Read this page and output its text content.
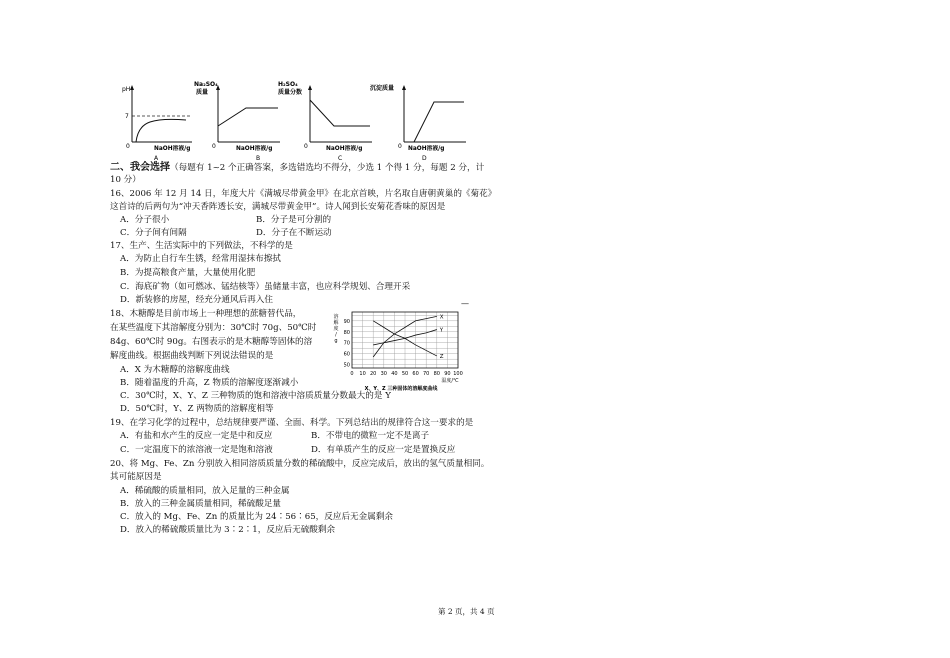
pH
7
0	NaOH溶液/g
A
Na₂SO₄
质量
0	NaOH溶液/g
B
H₂SO₄
质量分数
0	NaOH溶液/g
C
沉淀质量
0 NaOH溶液/g
D
二、我会选择（每题有 1~2 个正确答案，多选错选均不得分，少选 1 个得 1 分，每题 2 分，计
10 分）
16、2006 年 12 月 14 日，年度大片《满城尽带黄金甲》在北京首映，片名取自唐朝黄巢的《菊花》
这首诗的后两句为“冲天香阵透长安，满城尽带黄金甲”。诗人闻到长安菊花香味的原因是
A．分子很小	B．分子是可分割的
C．分子间有间隔	D．分子在不断运动
17、生产、生活实际中的下列做法，不科学的是
A．为防止自行车生锈，经常用湿抹布擦拭
B．为提高粮食产量，大量使用化肥
C．海底矿物（如可燃冰、锰结核等）虽储量丰富，也应科学规划、合理开采
D．新装修的房屋，经充分通风后再入住
18、木糖醇是目前市场上一种理想的蔗糖替代品，
在某些温度下其溶解度分别为：30℃时 70g、50℃时
84g、60℃时 90g。右图表示的是木糖醇等固体的溶
解度曲线。根据曲线判断下列说法错误的是
A．X 为木糖醇的溶解度曲线
B．随着温度的升高，Z 物质的溶解度逐渐减小
C．30℃时，X、Y、Z 三种物质的饱和溶液中溶质质量分数最大的是 Y
D．50℃时，Y、Z 两物质的溶解度相等
50
60
70
80
90
0 10 20 30 40 50 60 70 80 90 100
溶
解
度
/
g
温度/℃
X、Y、Z 三种固体的溶解度曲线
X
Y
Z
19、在学习化学的过程中，总结规律要严谨、全面、科学。下列总结出的规律符合这一要求的是
A．有盐和水产生的反应一定是中和反应	B．不带电的微粒一定不是离子
C．一定温度下的浓溶液一定是饱和溶液	D．有单质产生的反应一定是置换反应
20、将 Mg、Fe、Zn 分别放入相同溶质质量分数的稀硫酸中，反应完成后，放出的氢气质量相同。
其可能原因是
A．稀硫酸的质量相同，放入足量的三种金属
B．放入的三种金属质量相同，稀硫酸足量
C．放入的 Mg、Fe、Zn 的质量比为 24∶56∶65，反应后无金属剩余
D．放入的稀硫酸质量比为 3∶2∶1，反应后无硫酸剩余
第 2 页，共 4 页
—
